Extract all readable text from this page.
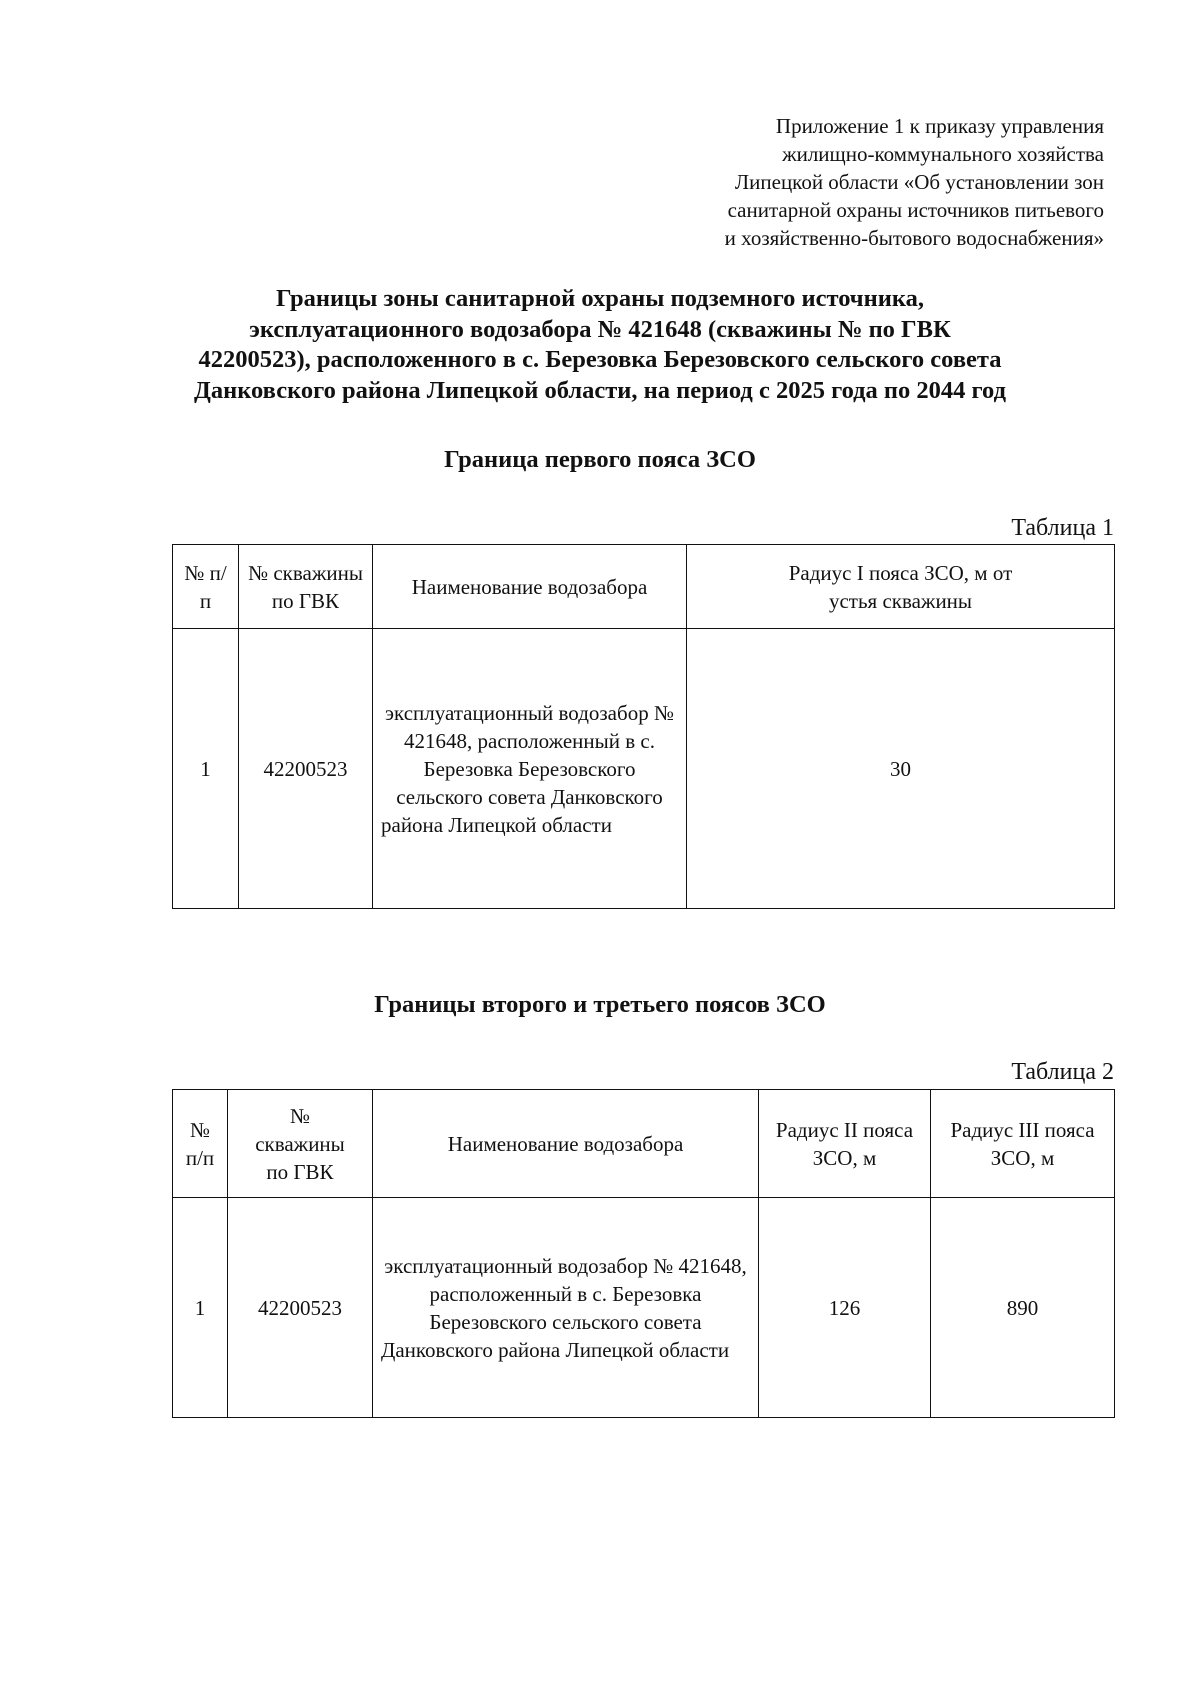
Приложение 1 к приказу управления
жилищно-коммунального хозяйства
Липецкой области «Об установлении зон
санитарной охраны источников питьевого
и хозяйственно-бытового водоснабжения»
Границы зоны санитарной охраны подземного источника,
эксплуатационного водозабора № 421648 (скважины № по ГВК
42200523), расположенного в с. Березовка Березовского сельского совета
Данковского района Липецкой области, на период с 2025 года по 2044 год
Граница первого пояса ЗСО
Таблица 1
№ п/п	№ скважины по ГВК	Наименование водозабора	Радиус I пояса ЗСО, м от устья скважины
1	42200523	эксплуатационный водозабор № 421648, расположенный в с. Березовка Березовского сельского совета Данковского района Липецкой области	30
Границы второго и третьего поясов ЗСО
Таблица 2
№ п/п	№ скважины по ГВК	Наименование водозабора	Радиус II пояса ЗСО, м	Радиус III пояса ЗСО, м
1	42200523	эксплуатационный водозабор № 421648, расположенный в с. Березовка Березовского сельского совета Данковского района Липецкой области	126	890
